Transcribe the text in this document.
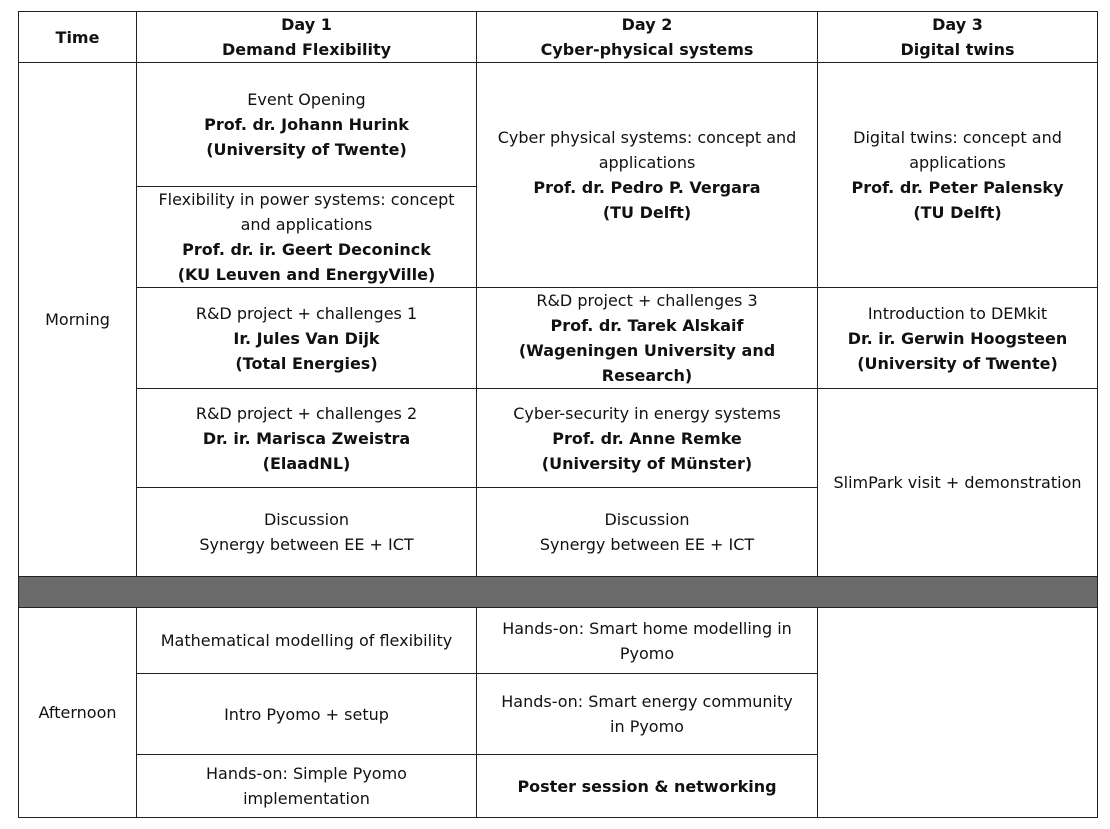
Time
Day 1
Demand Flexibility
Day 2
Cyber-physical systems
Day 3
Digital twins
Morning
Event Opening
Prof. dr. Johann Hurink
(University of Twente)
Flexibility in power systems: concept
and applications
Prof. dr. ir. Geert Deconinck
(KU Leuven and EnergyVille)
R&D project + challenges 1
Ir. Jules Van Dijk
(Total Energies)
R&D project + challenges 2
Dr. ir. Marisca Zweistra
(ElaadNL)
Discussion
Synergy between EE + ICT
Cyber physical systems: concept and
applications
Prof. dr. Pedro P. Vergara
(TU Delft)
R&D project + challenges 3
Prof. dr. Tarek Alskaif
(Wageningen University and
Research)
Cyber-security in energy systems
Prof. dr. Anne Remke
(University of Münster)
Discussion
Synergy between EE + ICT
Digital twins: concept and
applications
Prof. dr. Peter Palensky
(TU Delft)
Introduction to DEMkit
Dr. ir. Gerwin Hoogsteen
(University of Twente)
SlimPark visit + demonstration
Afternoon
Mathematical modelling of flexibility
Intro Pyomo + setup
Hands-on: Simple Pyomo
implementation
Hands-on: Smart home modelling in
Pyomo
Hands-on: Smart energy community
in Pyomo
Poster session & networking
